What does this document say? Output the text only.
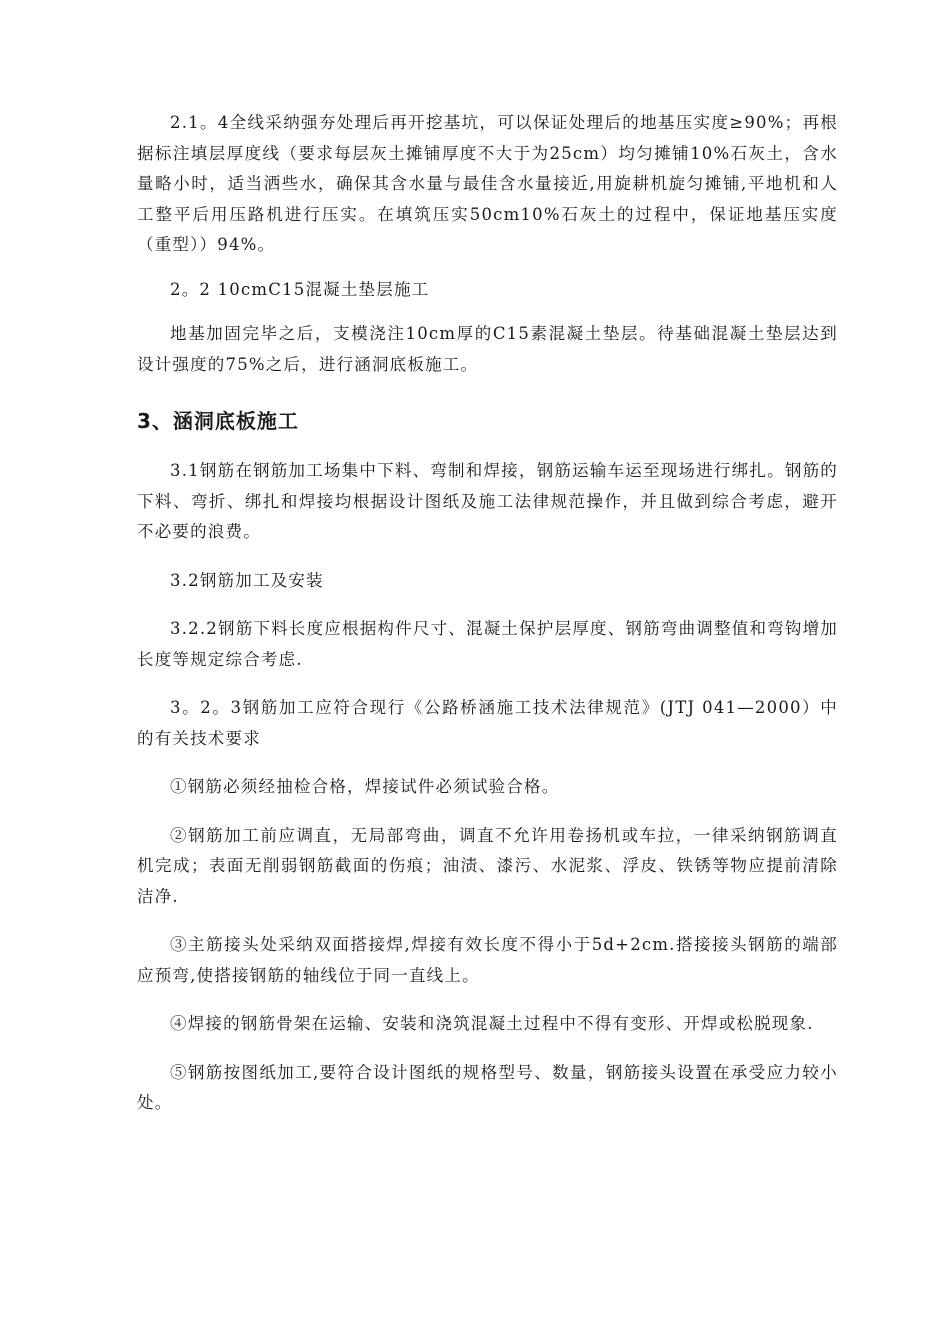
2.1。4全线采纳强夯处理后再开挖基坑，可以保证处理后的地基压实度≥90%；再根据标注填层厚度线（要求每层灰土摊铺厚度不大于为25cm）均匀摊铺10%石灰土，含水量略小时，适当洒些水，确保其含水量与最佳含水量接近,用旋耕机旋匀摊铺,平地机和人工整平后用压路机进行压实。在填筑压实50cm10%石灰土的过程中，保证地基压实度（重型））94%。

2。2 10cmC15混凝土垫层施工

地基加固完毕之后，支模浇注10cm厚的C15素混凝土垫层。待基础混凝土垫层达到设计强度的75%之后，进行涵洞底板施工。

3、涵洞底板施工

3.1钢筋在钢筋加工场集中下料、弯制和焊接，钢筋运输车运至现场进行绑扎。钢筋的下料、弯折、绑扎和焊接均根据设计图纸及施工法律规范操作，并且做到综合考虑，避开不必要的浪费。

3.2钢筋加工及安装

3.2.2钢筋下料长度应根据构件尺寸、混凝土保护层厚度、钢筋弯曲调整值和弯钩增加长度等规定综合考虑.

3。2。3钢筋加工应符合现行《公路桥涵施工技术法律规范》(JTJ 041—2000）中的有关技术要求

①钢筋必须经抽检合格，焊接试件必须试验合格。

②钢筋加工前应调直，无局部弯曲，调直不允许用卷扬机或车拉，一律采纳钢筋调直机完成；表面无削弱钢筋截面的伤痕；油渍、漆污、水泥浆、浮皮、铁锈等物应提前清除洁净.

③主筋接头处采纳双面搭接焊,焊接有效长度不得小于5d+2cm.搭接接头钢筋的端部应预弯,使搭接钢筋的轴线位于同一直线上。

④焊接的钢筋骨架在运输、安装和浇筑混凝土过程中不得有变形、开焊或松脱现象.

⑤钢筋按图纸加工,要符合设计图纸的规格型号、数量，钢筋接头设置在承受应力较小处。
